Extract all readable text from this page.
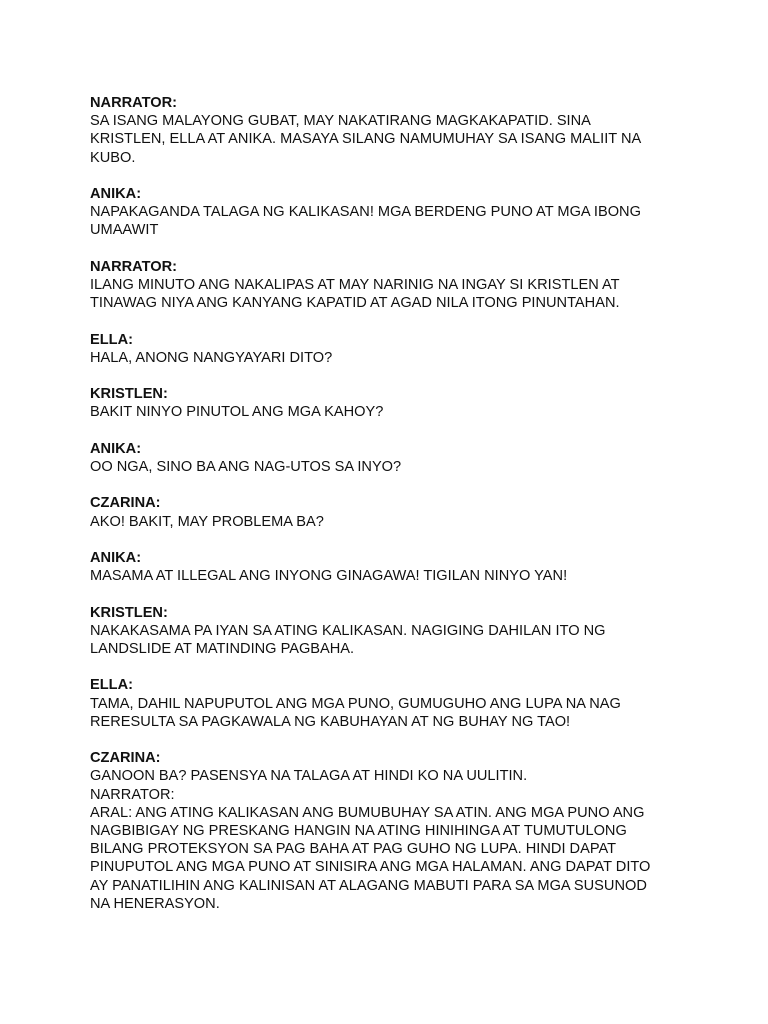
NARRATOR:
SA ISANG MALAYONG GUBAT, MAY NAKATIRANG MAGKAKAPATID. SINA
KRISTLEN, ELLA AT ANIKA. MASAYA SILANG NAMUMUHAY SA ISANG MALIIT NA
KUBO.
ANIKA:
NAPAKAGANDA TALAGA NG KALIKASAN! MGA BERDENG PUNO AT MGA IBONG
UMAAWIT
NARRATOR:
ILANG MINUTO ANG NAKALIPAS AT MAY NARINIG NA INGAY SI KRISTLEN AT
TINAWAG NIYA ANG KANYANG KAPATID AT AGAD NILA ITONG PINUNTAHAN.
ELLA:
HALA, ANONG NANGYAYARI DITO?
KRISTLEN:
BAKIT NINYO PINUTOL ANG MGA KAHOY?
ANIKA:
OO NGA, SINO BA ANG NAG-UTOS SA INYO?
CZARINA:
AKO! BAKIT, MAY PROBLEMA BA?
ANIKA:
MASAMA AT ILLEGAL ANG INYONG GINAGAWA! TIGILAN NINYO YAN!
KRISTLEN:
NAKAKASAMA PA IYAN SA ATING KALIKASAN. NAGIGING DAHILAN ITO NG
LANDSLIDE AT MATINDING PAGBAHA.
ELLA:
TAMA, DAHIL NAPUPUTOL ANG MGA PUNO, GUMUGUHO ANG LUPA NA NAG
RERESULTA SA PAGKAWALA NG KABUHAYAN AT NG BUHAY NG TAO!
CZARINA:
GANOON BA? PASENSYA NA TALAGA AT HINDI KO NA UULITIN.
NARRATOR:
ARAL: ANG ATING KALIKASAN ANG BUMUBUHAY SA ATIN. ANG MGA PUNO ANG
NAGBIBIGAY NG PRESKANG HANGIN NA ATING HINIHINGA AT TUMUTULONG
BILANG PROTEKSYON SA PAG BAHA AT PAG GUHO NG LUPA. HINDI DAPAT
PINUPUTOL ANG MGA PUNO AT SINISIRA ANG MGA HALAMAN. ANG DAPAT DITO
AY PANATILIHIN ANG KALINISAN AT ALAGANG MABUTI PARA SA MGA SUSUNOD
NA HENERASYON.
